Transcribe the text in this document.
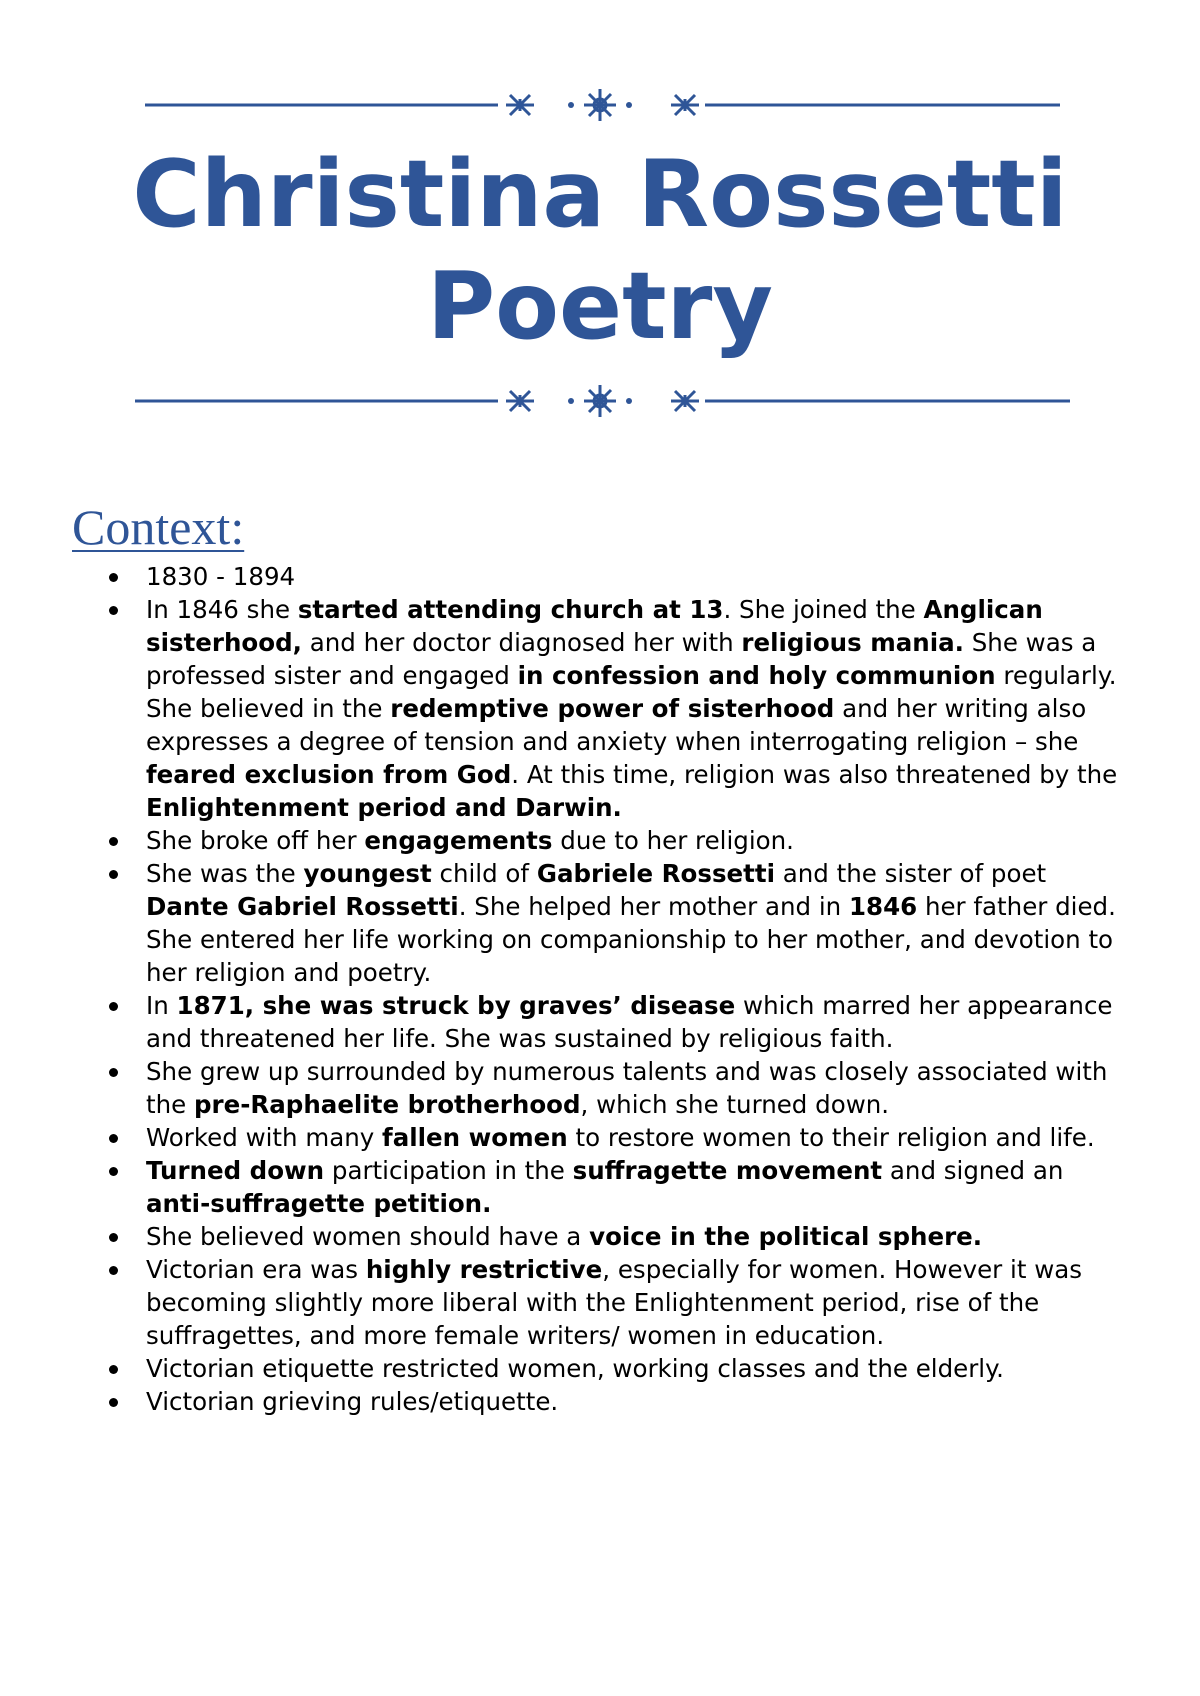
Christina Rossetti
Poetry
Context:
1830 - 1894
In 1846 she started attending church at 13. She joined the Anglican sisterhood, and her doctor diagnosed her with religious mania. She was a professed sister and engaged in confession and holy communion regularly. She believed in the redemptive power of sisterhood and her writing also expresses a degree of tension and anxiety when interrogating religion – she feared exclusion from God. At this time, religion was also threatened by the Enlightenment period and Darwin.
She broke off her engagements due to her religion.
She was the youngest child of Gabriele Rossetti and the sister of poet Dante Gabriel Rossetti. She helped her mother and in 1846 her father died. She entered her life working on companionship to her mother, and devotion to her religion and poetry.
In 1871, she was struck by graves’ disease which marred her appearance and threatened her life. She was sustained by religious faith.
She grew up surrounded by numerous talents and was closely associated with the pre-Raphaelite brotherhood, which she turned down.
Worked with many fallen women to restore women to their religion and life.
Turned down participation in the suffragette movement and signed an anti-suffragette petition.
She believed women should have a voice in the political sphere.
Victorian era was highly restrictive, especially for women. However it was becoming slightly more liberal with the Enlightenment period, rise of the suffragettes, and more female writers/ women in education.
Victorian etiquette restricted women, working classes and the elderly.
Victorian grieving rules/etiquette.
